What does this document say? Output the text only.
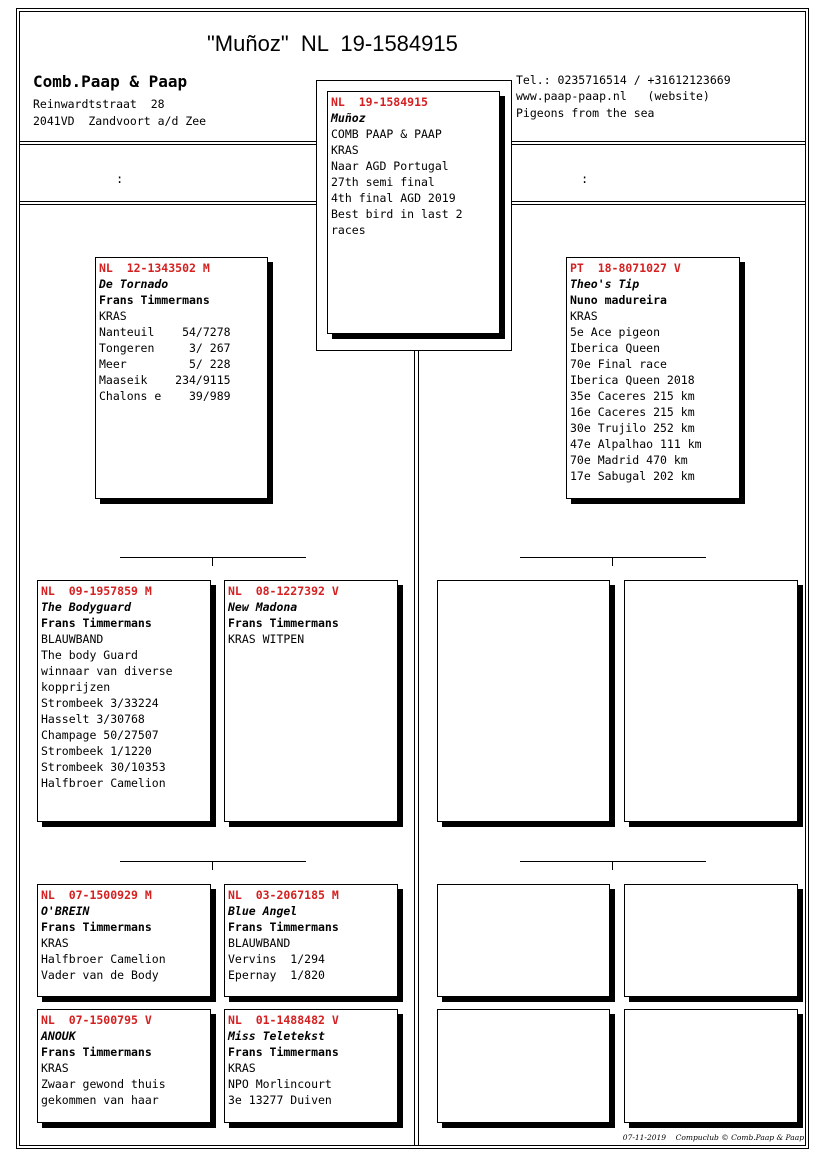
"Muñoz"  NL  19-1584915
Comb.Paap & Paap
Reinwardtstraat  28
2041VD  Zandvoort a/d Zee
Tel.: 0235716514 / +31612123669
www.paap-paap.nl   (website)
Pigeons from the sea
:	:
NL  19-1584915
Muñoz
COMB PAAP & PAAP
KRAS
Naar AGD Portugal
27th semi final
4th final AGD 2019
Best bird in last 2
races
NL  12-1343502 M
De Tornado
Frans Timmermans
KRAS
Nanteuil    54/7278
Tongeren     3/ 267
Meer         5/ 228
Maaseik    234/9115
Chalons e    39/989
PT  18-8071027 V
Theo's Tip
Nuno madureira
KRAS
5e Ace pigeon
Iberica Queen
70e Final race
Iberica Queen 2018
35e Caceres 215 km
16e Caceres 215 km
30e Trujilo 252 km
47e Alpalhao 111 km
70e Madrid 470 km
17e Sabugal 202 km
NL  09-1957859 M
The Bodyguard
Frans Timmermans
BLAUWBAND
The body Guard
winnaar van diverse
kopprijzen
Strombeek 3/33224
Hasselt 3/30768
Champage 50/27507
Strombeek 1/1220
Strombeek 30/10353
Halfbroer Camelion
NL  08-1227392 V
New Madona
Frans Timmermans
KRAS WITPEN
NL  07-1500929 M
O'BREIN
Frans Timmermans
KRAS
Halfbroer Camelion
Vader van de Body
NL  03-2067185 M
Blue Angel
Frans Timmermans
BLAUWBAND
Vervins  1/294
Epernay  1/820
NL  07-1500795 V
ANOUK
Frans Timmermans
KRAS
Zwaar gewond thuis
gekommen van haar
NL  01-1488482 V
Miss Teletekst
Frans Timmermans
KRAS
NPO Morlincourt
3e 13277 Duiven
07-11-2019 Compuclub © Comb.Paap & Paap
